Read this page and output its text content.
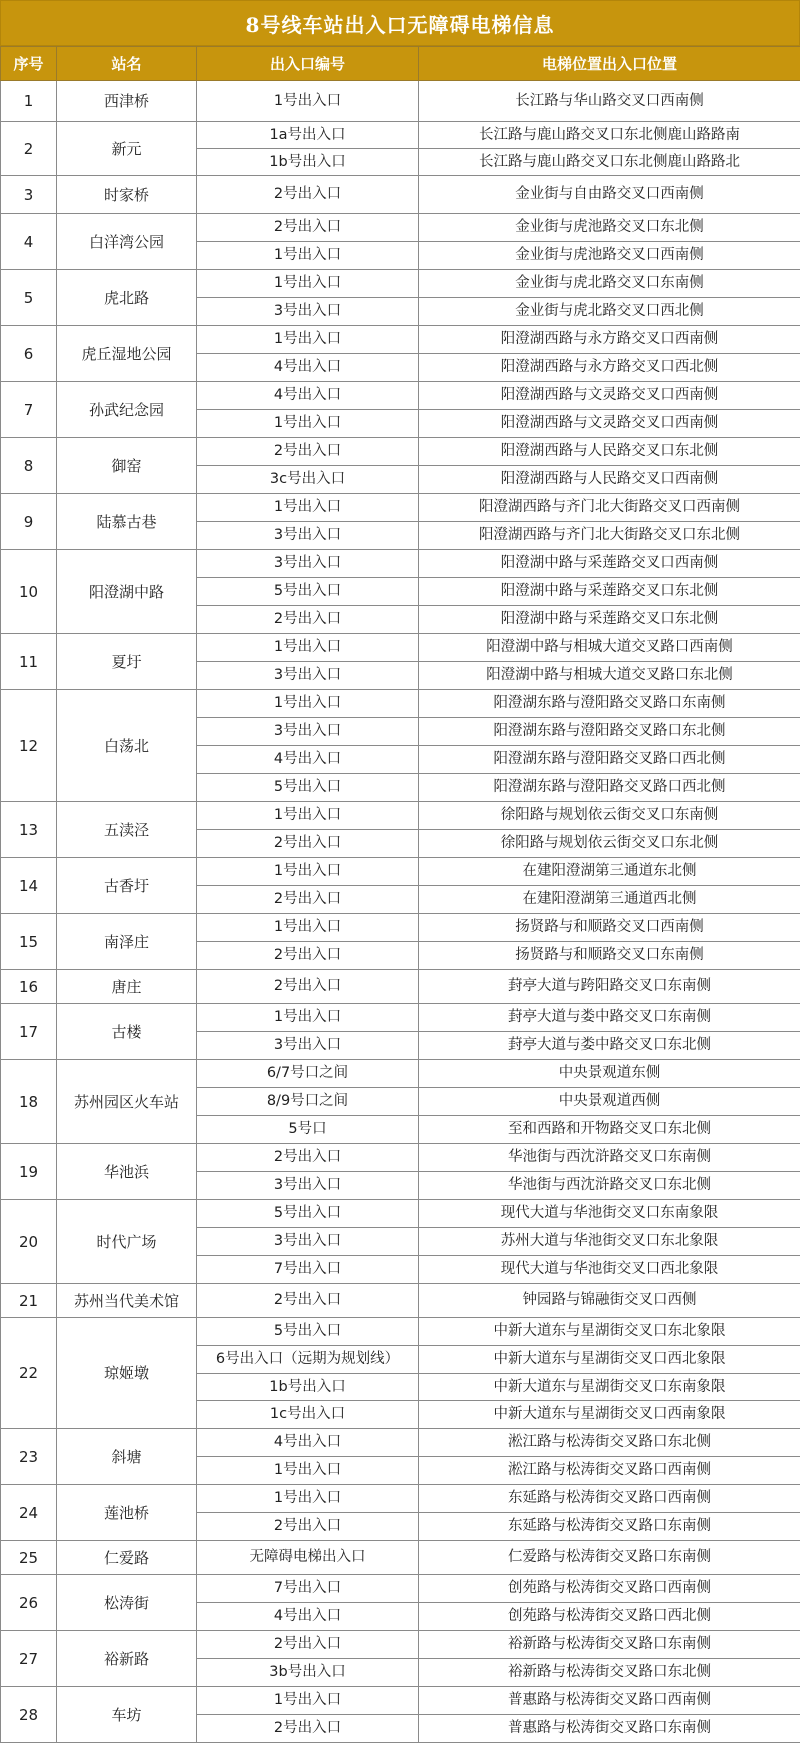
8号线车站出入口无障碍电梯信息
序号	站名	出入口编号	电梯位置出入口位置
1	西津桥	1号出入口	长江路与华山路交叉口西南侧
2	新元	1a号出入口	长江路与鹿山路交叉口东北侧鹿山路路南
		1b号出入口	长江路与鹿山路交叉口东北侧鹿山路路北
3	时家桥	2号出入口	金业街与自由路交叉口西南侧
4	白洋湾公园	2号出入口	金业街与虎池路交叉口东北侧
		1号出入口	金业街与虎池路交叉口西南侧
5	虎北路	1号出入口	金业街与虎北路交叉口东南侧
		3号出入口	金业街与虎北路交叉口西北侧
6	虎丘湿地公园	1号出入口	阳澄湖西路与永方路交叉口西南侧
		4号出入口	阳澄湖西路与永方路交叉口西北侧
7	孙武纪念园	4号出入口	阳澄湖西路与文灵路交叉口西南侧
		1号出入口	阳澄湖西路与文灵路交叉口西南侧
8	御窑	2号出入口	阳澄湖西路与人民路交叉口东北侧
		3c号出入口	阳澄湖西路与人民路交叉口西南侧
9	陆慕古巷	1号出入口	阳澄湖西路与齐门北大街路交叉口西南侧
		3号出入口	阳澄湖西路与齐门北大街路交叉口东北侧
10	阳澄湖中路	3号出入口	阳澄湖中路与采莲路交叉口西南侧
		5号出入口	阳澄湖中路与采莲路交叉口东北侧
		2号出入口	阳澄湖中路与采莲路交叉口东北侧
11	夏圩	1号出入口	阳澄湖中路与相城大道交叉路口西南侧
		3号出入口	阳澄湖中路与相城大道交叉路口东北侧
12	白荡北	1号出入口	阳澄湖东路与澄阳路交叉路口东南侧
		3号出入口	阳澄湖东路与澄阳路交叉路口东北侧
		4号出入口	阳澄湖东路与澄阳路交叉路口西北侧
		5号出入口	阳澄湖东路与澄阳路交叉路口西北侧
13	五渎泾	1号出入口	徐阳路与规划依云街交叉口东南侧
		2号出入口	徐阳路与规划依云街交叉口东北侧
14	古香圩	1号出入口	在建阳澄湖第三通道东北侧
		2号出入口	在建阳澄湖第三通道西北侧
15	南泽庄	1号出入口	扬贤路与和顺路交叉口西南侧
		2号出入口	扬贤路与和顺路交叉口东南侧
16	唐庄	2号出入口	葑亭大道与跨阳路交叉口东南侧
17	古楼	1号出入口	葑亭大道与娄中路交叉口东南侧
		3号出入口	葑亭大道与娄中路交叉口东北侧
18	苏州园区火车站	6/7号口之间	中央景观道东侧
		8/9号口之间	中央景观道西侧
		5号口	至和西路和开物路交叉口东北侧
19	华池浜	2号出入口	华池街与西沈浒路交叉口东南侧
		3号出入口	华池街与西沈浒路交叉口东北侧
20	时代广场	5号出入口	现代大道与华池街交叉口东南象限
		3号出入口	苏州大道与华池街交叉口东北象限
		7号出入口	现代大道与华池街交叉口西北象限
21	苏州当代美术馆	2号出入口	钟园路与锦融街交叉口西侧
22	琼姬墩	5号出入口	中新大道东与星湖街交叉口东北象限
		6号出入口（远期为规划线）	中新大道东与星湖街交叉口西北象限
		1b号出入口	中新大道东与星湖街交叉口东南象限
		1c号出入口	中新大道东与星湖街交叉口西南象限
23	斜塘	4号出入口	淞江路与松涛街交叉路口东北侧
		1号出入口	淞江路与松涛街交叉路口西南侧
24	莲池桥	1号出入口	东延路与松涛街交叉路口西南侧
		2号出入口	东延路与松涛街交叉路口东南侧
25	仁爱路	无障碍电梯出入口	仁爱路与松涛街交叉路口东南侧
26	松涛街	7号出入口	创苑路与松涛街交叉路口西南侧
		4号出入口	创苑路与松涛街交叉路口西北侧
27	裕新路	2号出入口	裕新路与松涛街交叉路口东南侧
		3b号出入口	裕新路与松涛街交叉路口东北侧
28	车坊	1号出入口	普惠路与松涛街交叉路口西南侧
		2号出入口	普惠路与松涛街交叉路口东南侧
